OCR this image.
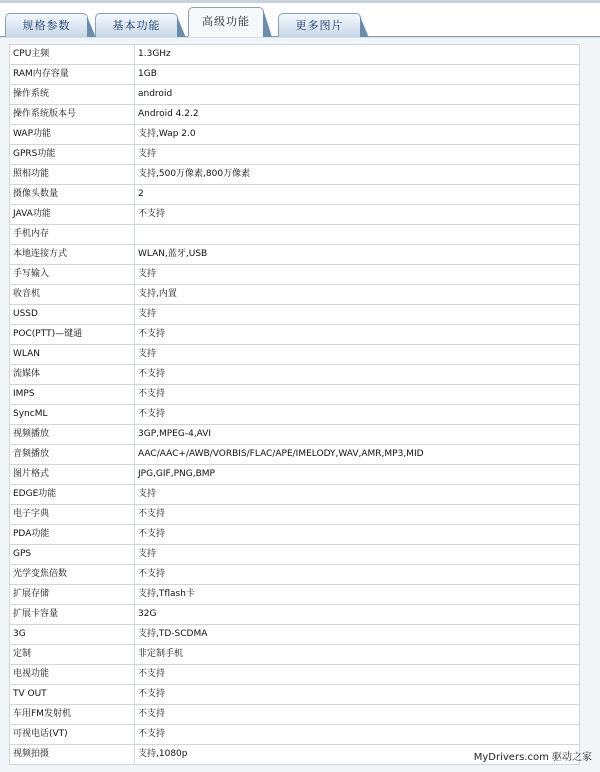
规格参数	基本功能	高级功能	更多图片
CPU主频	1.3GHz
RAM内存容量	1GB
操作系统	android
操作系统版本号	Android 4.2.2
WAP功能	支持,Wap 2.0
GPRS功能	支持
照相功能	支持,500万像素,800万像素
摄像头数量	2
JAVA功能	不支持
手机内存	
本地连接方式	WLAN,蓝牙,USB
手写输入	支持
收音机	支持,内置
USSD	支持
POC(PTT)—键通	不支持
WLAN	支持
流媒体	不支持
IMPS	不支持
SyncML	不支持
视频播放	3GP,MPEG-4,AVI
音频播放	AAC/AAC+/AWB/VORBIS/FLAC/APE/IMELODY,WAV,AMR,MP3,MID
图片格式	JPG,GIF,PNG,BMP
EDGE功能	支持
电子字典	不支持
PDA功能	不支持
GPS	支持
光学变焦倍数	不支持
扩展存储	支持,Tflash卡
扩展卡容量	32G
3G	支持,TD-SCDMA
定制	非定制手机
电视功能	不支持
TV OUT	不支持
车用FM发射机	不支持
可视电话(VT)	不支持
视频拍摄	支持,1080p	MyDrivers.com 驱动之家
